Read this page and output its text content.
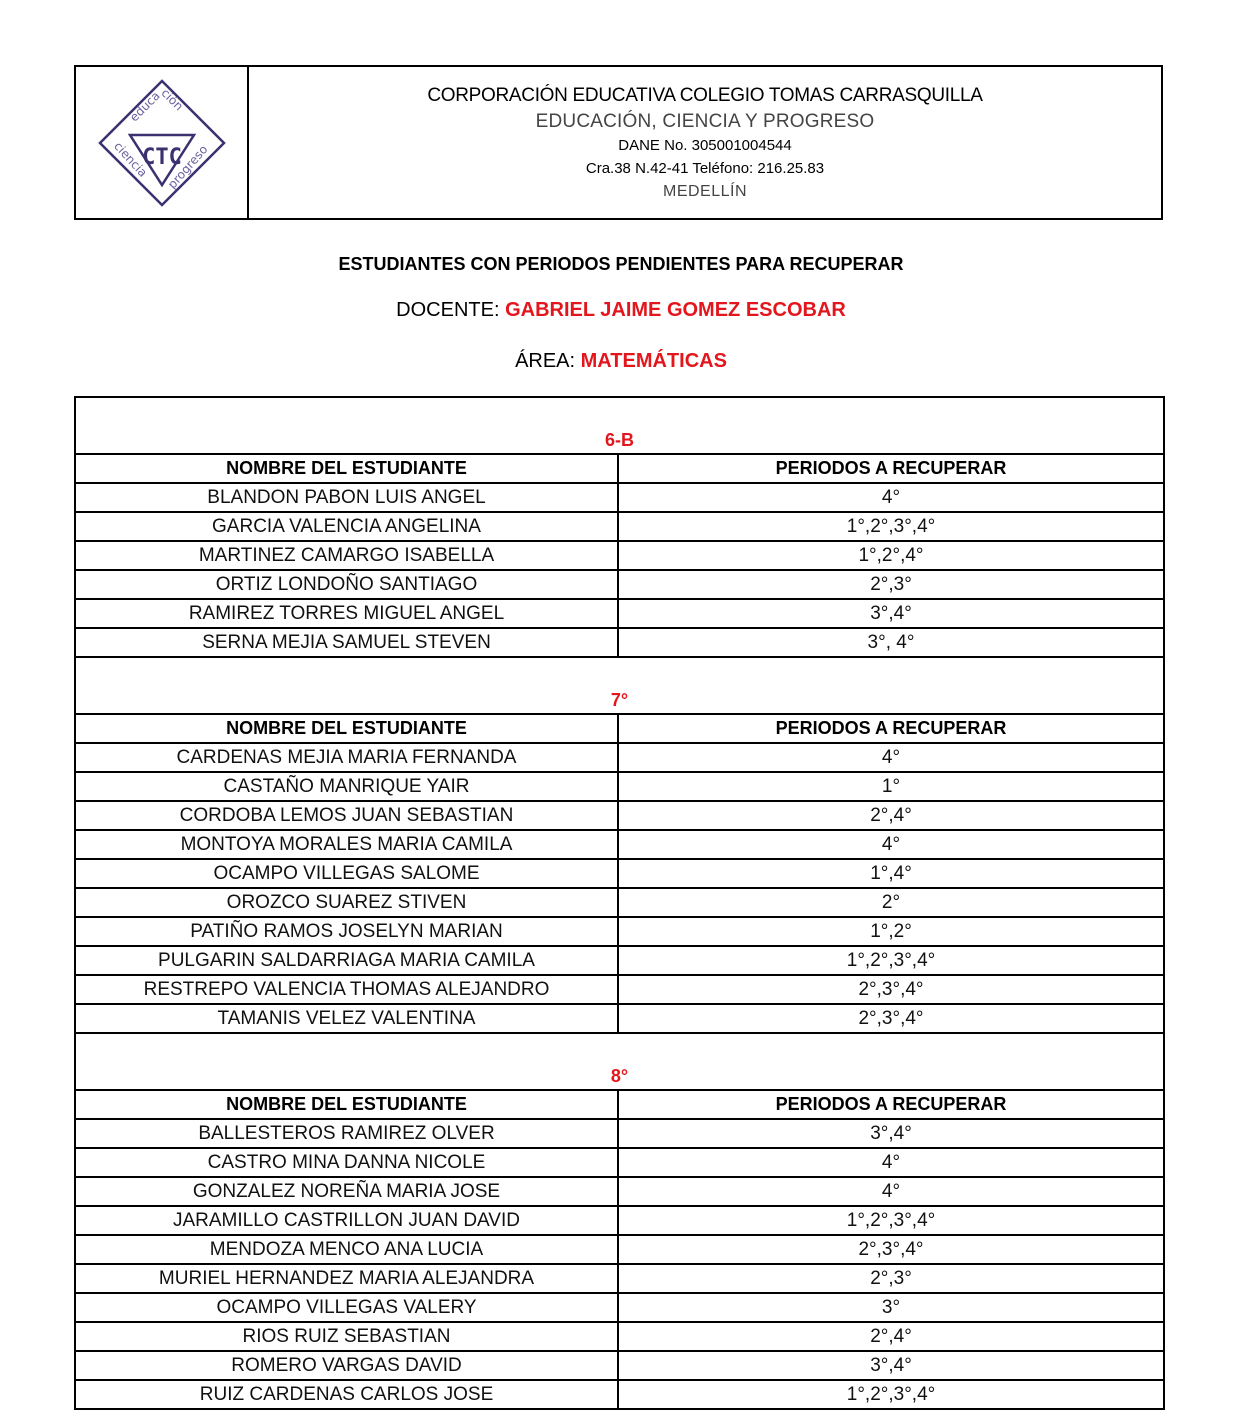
educación
ciencia
progreso
CTC
CORPORACIÓN EDUCATIVA COLEGIO TOMAS CARRASQUILLA
EDUCACIÓN, CIENCIA Y PROGRESO
DANE No. 305001004544
Cra.38 N.42-41 Teléfono: 216.25.83
MEDELLÍN
ESTUDIANTES CON PERIODOS PENDIENTES PARA RECUPERAR
DOCENTE: GABRIEL JAIME GOMEZ ESCOBAR
ÁREA: MATEMÁTICAS
6-B
NOMBRE DEL ESTUDIANTE	PERIODOS A RECUPERAR
BLANDON PABON LUIS ANGEL	4°
GARCIA VALENCIA ANGELINA	1°,2°,3°,4°
MARTINEZ CAMARGO ISABELLA	1°,2°,4°
ORTIZ LONDOÑO SANTIAGO	2°,3°
RAMIREZ TORRES MIGUEL ANGEL	3°,4°
SERNA MEJIA SAMUEL STEVEN	3°, 4°
7°
NOMBRE DEL ESTUDIANTE	PERIODOS A RECUPERAR
CARDENAS MEJIA MARIA FERNANDA	4°
CASTAÑO MANRIQUE YAIR	1°
CORDOBA LEMOS JUAN SEBASTIAN	2°,4°
MONTOYA MORALES MARIA CAMILA	4°
OCAMPO VILLEGAS SALOME	1°,4°
OROZCO SUAREZ STIVEN	2°
PATIÑO RAMOS JOSELYN MARIAN	1°,2°
PULGARIN SALDARRIAGA MARIA CAMILA	1°,2°,3°,4°
RESTREPO VALENCIA THOMAS ALEJANDRO	2°,3°,4°
TAMANIS VELEZ VALENTINA	2°,3°,4°
8°
NOMBRE DEL ESTUDIANTE	PERIODOS A RECUPERAR
BALLESTEROS RAMIREZ OLVER	3°,4°
CASTRO MINA DANNA NICOLE	4°
GONZALEZ NOREÑA MARIA JOSE	4°
JARAMILLO CASTRILLON JUAN DAVID	1°,2°,3°,4°
MENDOZA MENCO ANA LUCIA	2°,3°,4°
MURIEL HERNANDEZ MARIA ALEJANDRA	2°,3°
OCAMPO VILLEGAS VALERY	3°
RIOS RUIZ SEBASTIAN	2°,4°
ROMERO VARGAS DAVID	3°,4°
RUIZ CARDENAS CARLOS JOSE	1°,2°,3°,4°
